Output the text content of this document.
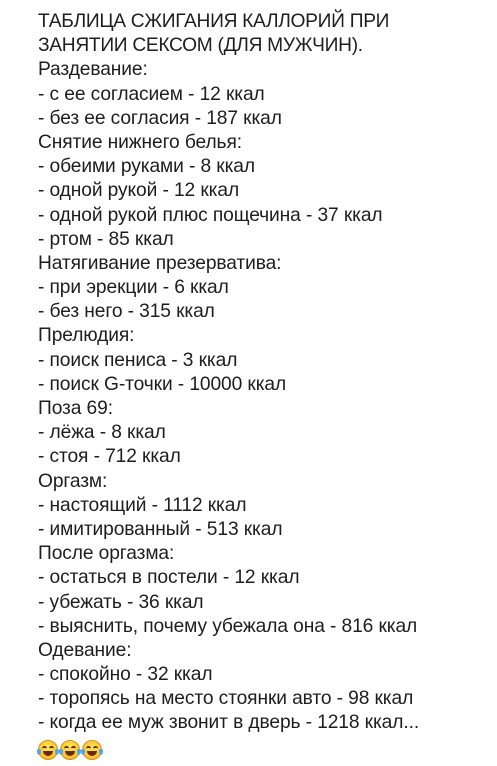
ТАБЛИЦА СЖИГАНИЯ КАЛЛОРИЙ ПРИ
ЗАНЯТИИ СЕКСОМ (ДЛЯ МУЖЧИН).
Раздевание:
- с ее согласием - 12 ккал
- без ее согласия - 187 ккал
Снятие нижнего белья:
- обеими руками - 8 ккал
- одной рукой - 12 ккал
- одной рукой плюс пощечина - 37 ккал
- ртом - 85 ккал
Натягивание презерватива:
- при эрекции - 6 ккал
- без него - 315 ккал
Прелюдия:
- поиск пениса - 3 ккал
- поиск G-точки - 10000 ккал
Поза 69:
- лёжа - 8 ккал
- стоя - 712 ккал
Оргазм:
- настоящий - 1112 ккал
- имитированный - 513 ккал
После оргазма:
- остаться в постели - 12 ккал
- убежать - 36 ккал
- выяснить, почему убежала она - 816 ккал
Одевание:
- спокойно - 32 ккал
- торопясь на место стоянки авто - 98 ккал
- когда ее муж звонит в дверь - 1218 ккал...
